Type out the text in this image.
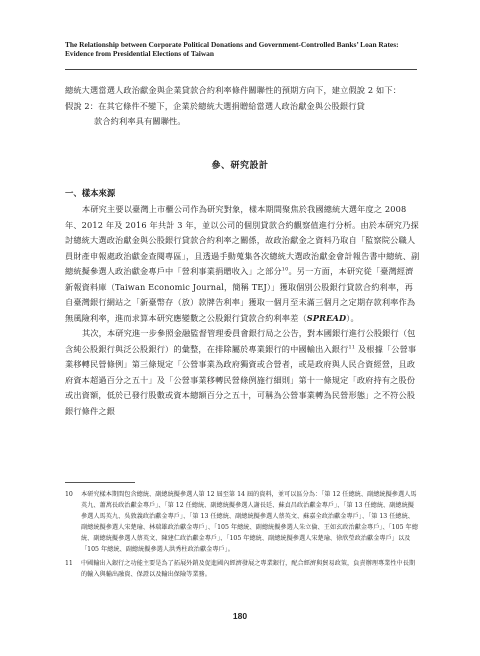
The Relationship between Corporate Political Donations and Government-Controlled Banks’ Loan Rates:
Evidence from Presidential Elections of Taiwan

總統大選當選人政治獻金與企業貸款合約利率條件關聯性的預期方向下，建立假說 2 如下：

假說 2：在其它條件不變下，企業於總統大選捐贈給當選人政治獻金與公股銀行貸

款合約利率具有關聯性。

參、研究設計
一、樣本來源

本研究主要以臺灣上市櫃公司作為研究對象，樣本期間聚焦於我國總統大選年度之 2008 年、2012 年及 2016 年共計 3 年，並以公司的個別貸款合約觀察值進行分析。由於本研究乃探討總統大選政治獻金與公股銀行貸款合約利率之關係，故政治獻金之資料乃取自「監察院公職人員財產申報處政治獻金查閱專區」，且透過手動蒐集各次總統大選政治獻金會計報告書中總統、副總統擬參選人政治獻金專戶中「營利事業捐贈收入」之部分$^{10}$。另一方面，本研究從「臺灣經濟新報資料庫（Taiwan Economic Journal，簡稱 TEJ）」獲取個別公股銀行貸款合約利率，再自臺灣銀行網站之「新臺幣存（放）款牌告利率」獲取一個月至未滿三個月之定期存款利率作為無風險利率，進而求算本研究應變數之公股銀行貸款合約利率差（SPREAD）。

其次，本研究進一步參照金融監督管理委員會銀行局之公告，對本國銀行進行公股銀行（包含純公股銀行與泛公股銀行）的彙整，在排除屬於專業銀行的中國輸出入銀行$^{11}$ 及根據「公營事業移轉民營條例」第三條規定「公營事業為政府獨資或合營者，或是政府與人民合資經營，且政府資本超過百分之五十」及「公營事業移轉民營條例施行細則」第十一條規定「政府持有之股份或出資額，低於已發行股數或資本總額百分之五十，可稱為公營事業轉為民營形態」之不符公股銀行條件之銀

10	本研究樣本期間包含總統、副總統擬參選人第 12 屆至第 14 屆的資料，並可以區分為：「第 12 任總統、副總統擬參選人馬英九、蕭萬長政治獻金專戶」、「第 12 任總統、副總統擬參選人謝長廷、蘇貞昌政治獻金專戶」、「第 13 任總統、副總統擬參選人馬英九、吳敦義政治獻金專戶」、「第 13 任總統、副總統擬參選人蔡英文、蘇嘉全政治獻金專戶」、「第 13 任總統、副總統擬參選人宋楚瑜、林瑞雄政治獻金專戶」、「105 年總統、副總統擬參選人朱立倫、王如玄政治獻金專戶」、「105 年總統、副總統擬參選人蔡英文、陳建仁政治獻金專戶」、「105 年總統、副總統擬參選人宋楚瑜、徐欣瑩政治獻金專戶」以及「105 年總統、副總統擬參選人洪秀柱政治獻金專戶」。
11	中國輸出入銀行之功能主要是為了拓展外銷及促進國內經濟發展之專業銀行，配合經濟與貿易政策，負責辦理專業性中長期的輸入與輸出融資、保證以及輸出保險等業務。
180
